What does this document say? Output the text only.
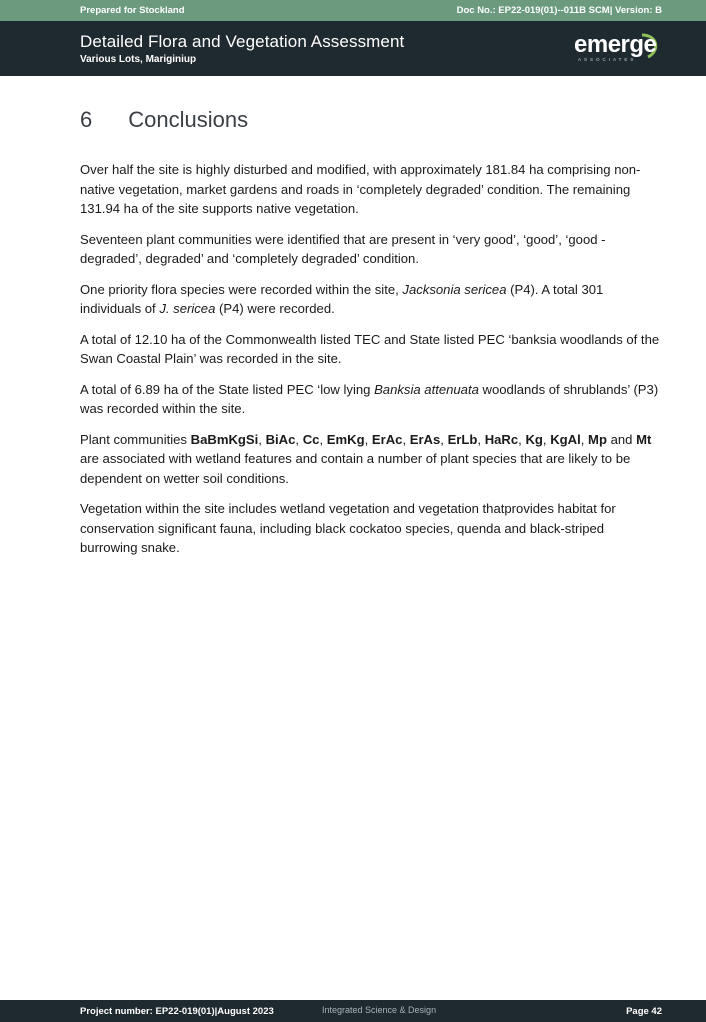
Prepared for Stockland	Doc No.: EP22-019(01)--011B SCM| Version: B
Detailed Flora and Vegetation Assessment
Various Lots, Mariginiup
emerge
ASSOCIATES
6 Conclusions

Over half the site is highly disturbed and modified, with approximately 181.84 ha comprising non-native vegetation, market gardens and roads in ‘completely degraded’ condition. The remaining 131.94 ha of the site supports native vegetation.

Seventeen plant communities were identified that are present in ‘very good’, ‘good’, ‘good - degraded’, degraded’ and ‘completely degraded’ condition.

One priority flora species were recorded within the site, Jacksonia sericea (P4). A total 301 individuals of J. sericea (P4) were recorded.

A total of 12.10 ha of the Commonwealth listed TEC and State listed PEC ‘banksia woodlands of the Swan Coastal Plain’ was recorded in the site.

A total of 6.89 ha of the State listed PEC ‘low lying Banksia attenuata woodlands of shrublands’ (P3) was recorded within the site.

Plant communities BaBmKgSi, BiAc, Cc, EmKg, ErAc, ErAs, ErLb, HaRc, Kg, KgAl, Mp and Mt are associated with wetland features and contain a number of plant species that are likely to be dependent on wetter soil conditions.

Vegetation within the site includes wetland vegetation and vegetation thatprovides habitat for conservation significant fauna, including black cockatoo species, quenda and black-striped burrowing snake.

Project number: EP22-019(01)|August 2023	Integrated Science & Design	Page 42
